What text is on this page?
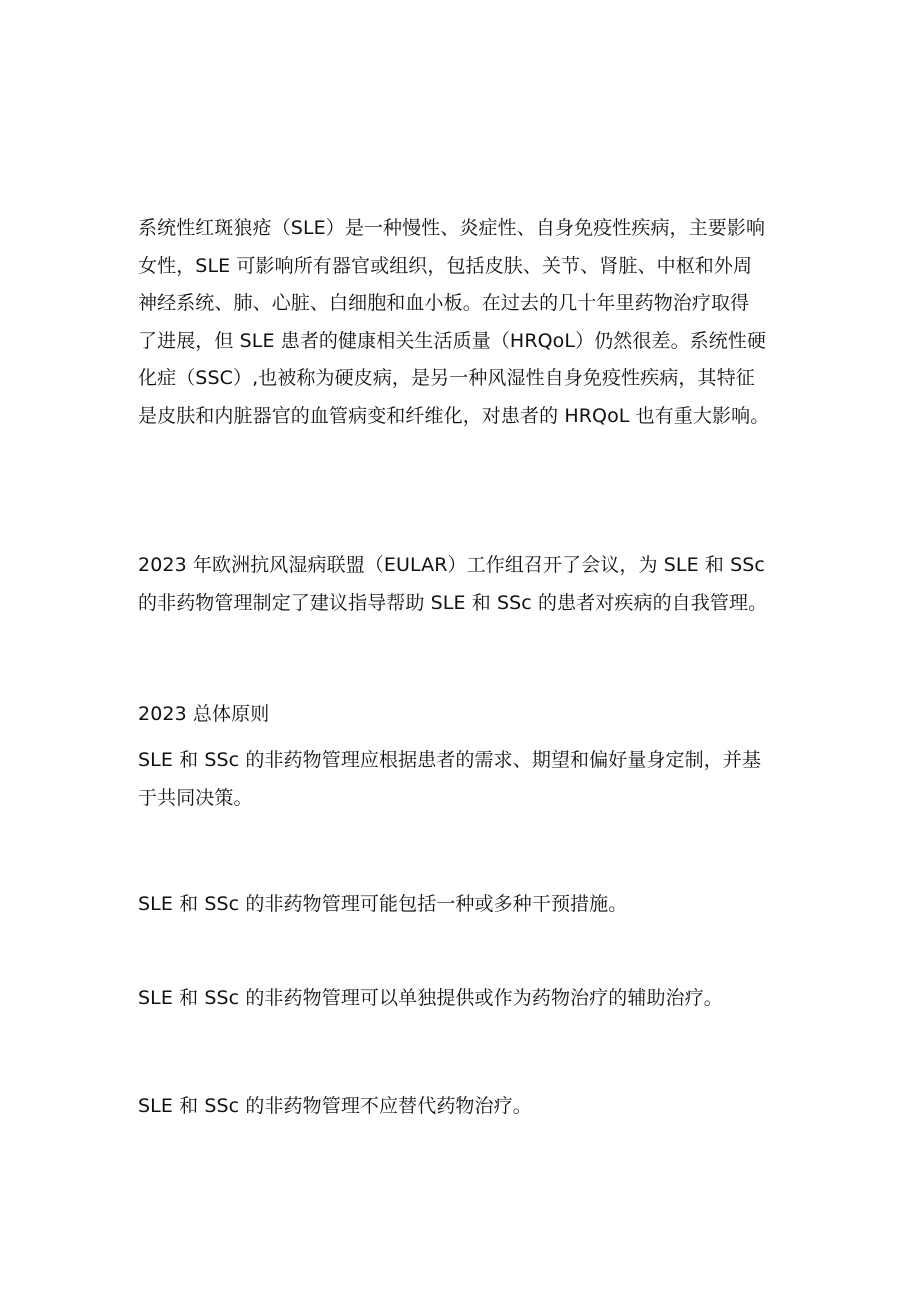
系统性红斑狼疮（SLE）是一种慢性、炎症性、自身免疫性疾病，主要影响
女性，SLE 可影响所有器官或组织，包括皮肤、关节、肾脏、中枢和外周
神经系统、肺、心脏、白细胞和血小板。在过去的几十年里药物治疗取得
了进展，但 SLE 患者的健康相关生活质量（HRQoL）仍然很差。系统性硬
化症（SSC）,也被称为硬皮病，是另一种风湿性自身免疫性疾病，其特征
是皮肤和内脏器官的血管病变和纤维化，对患者的 HRQoL 也有重大影响。

2023 年欧洲抗风湿病联盟（EULAR）工作组召开了会议，为 SLE 和 SSc
的非药物管理制定了建议指导帮助 SLE 和 SSc 的患者对疾病的自我管理。

2023 总体原则

SLE 和 SSc 的非药物管理应根据患者的需求、期望和偏好量身定制，并基
于共同决策。

SLE 和 SSc 的非药物管理可能包括一种或多种干预措施。

SLE 和 SSc 的非药物管理可以单独提供或作为药物治疗的辅助治疗。

SLE 和 SSc 的非药物管理不应替代药物治疗。
